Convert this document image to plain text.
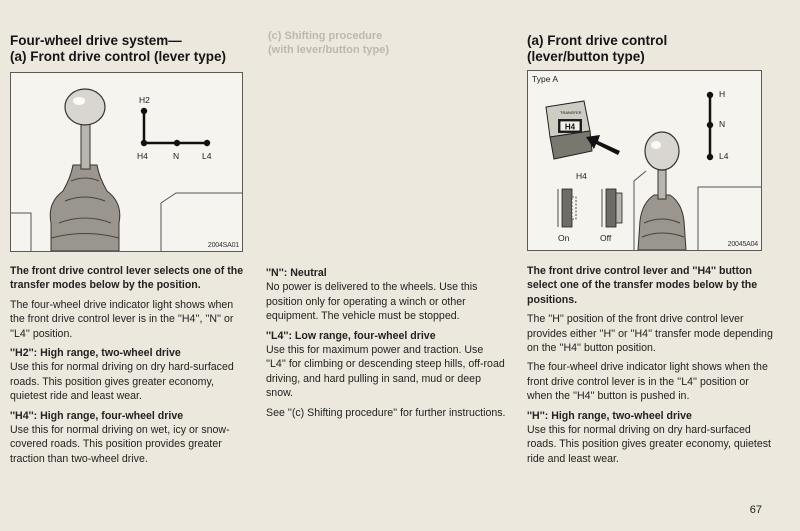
(c) Shifting procedure
(with lever/button type)
Four-wheel drive system—
(a) Front drive control (lever type)
H2
H4	N	L4
2004SA01

The front drive control lever selects one of the transfer modes below by the position.

The four-wheel drive indicator light shows when the front drive control lever is in the ''H4'', ''N'' or ''L4'' position.

''H2'': High range, two-wheel drive

Use this for normal driving on dry hard-surfaced roads. This position gives greater economy, quietest ride and least wear.

''H4'': High range, four-wheel drive

Use this for normal driving on wet, icy or snow-covered roads. This position provides greater traction than two-wheel drive.

''N'': Neutral

No power is delivered to the wheels. Use this position only for operating a winch or other equipment. The vehicle must be stopped.

''L4'': Low range, four-wheel drive

Use this for maximum power and traction. Use ''L4'' for climbing or descending steep hills, off-road driving, and hard pulling in sand, mud or deep snow.

See ''(c) Shifting procedure'' for further instructions.

(a) Front drive control
(lever/button type)
H4
TRANSFER
Type A
H4
On	Off
H
N
L4
20045A04

The front drive control lever and ''H4'' button select one of the transfer modes below by the positions.

The ''H'' position of the front drive control lever provides either ''H'' or ''H4'' transfer mode depending on the ''H4'' button position.

The four-wheel drive indicator light shows when the front drive control lever is in the ''L4'' position or when the ''H4'' button is pushed in.

''H'': High range, two-wheel drive

Use this for normal driving on dry hard-surfaced roads. This position gives greater economy, quietest ride and least wear.

67
